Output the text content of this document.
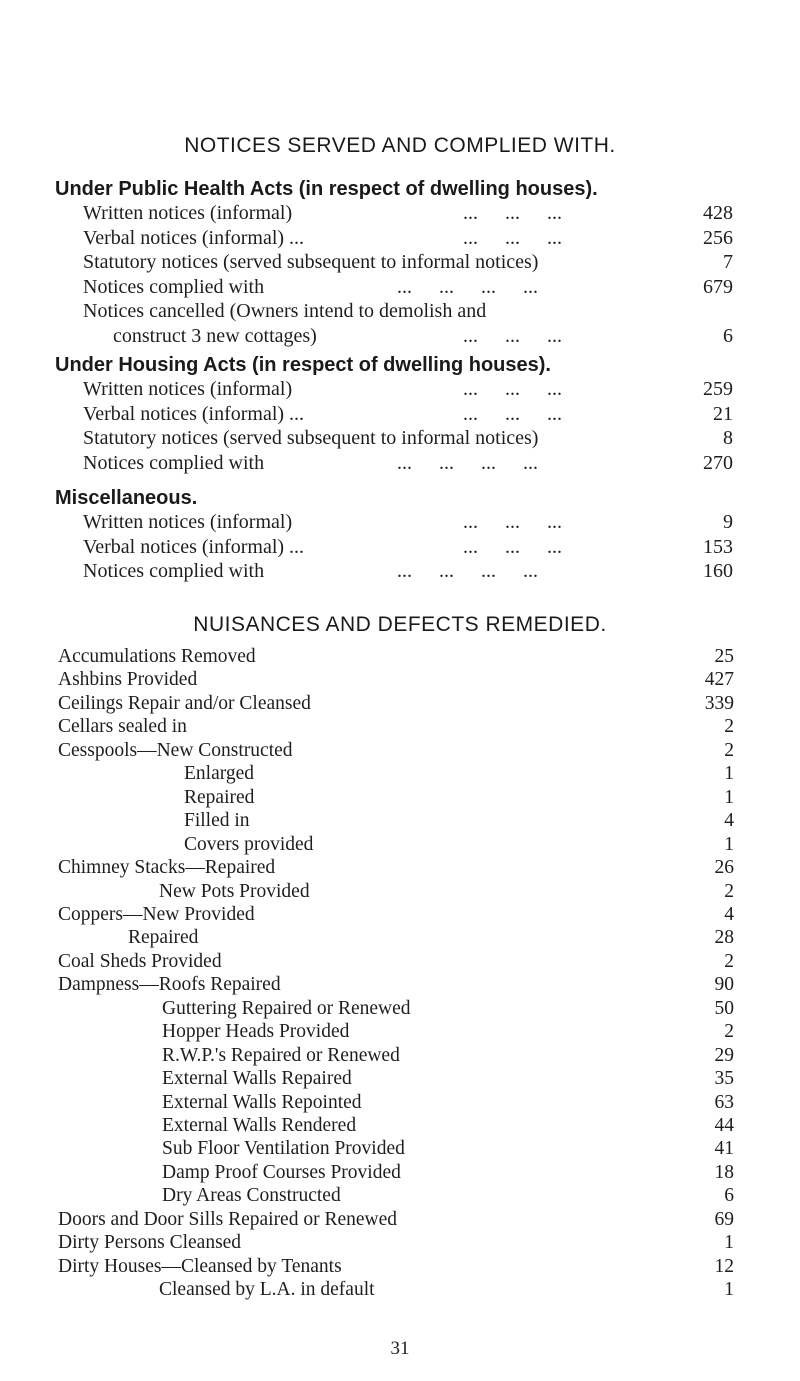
NOTICES SERVED AND COMPLIED WITH.
Under Public Health Acts (in respect of dwelling houses).
Written notices (informal)	... ... ...	428
Verbal notices (informal) ...	... ... ...	256
Statutory notices (served subsequent to informal notices)	7
Notices complied with	... ... ... ...	679
Notices cancelled (Owners intend to demolish and
construct 3 new cottages)	... ... ...	6
Under Housing Acts (in respect of dwelling houses).
Written notices (informal)	... ... ...	259
Verbal notices (informal) ...	... ... ...	21
Statutory notices (served subsequent to informal notices)	8
Notices complied with	... ... ... ...	270
Miscellaneous.
Written notices (informal)	... ... ...	9
Verbal notices (informal) ...	... ... ...	153
Notices complied with	... ... ... ...	160
NUISANCES AND DEFECTS REMEDIED.
Accumulations Removed	25
Ashbins Provided	427
Ceilings Repair and/or Cleansed	339
Cellars sealed in	2
Cesspools—New Constructed	2
Enlarged	1
Repaired	1
Filled in	4
Covers provided	1
Chimney Stacks—Repaired	26
New Pots Provided	2
Coppers—New Provided	4
Repaired	28
Coal Sheds Provided	2
Dampness—Roofs Repaired	90
Guttering Repaired or Renewed	50
Hopper Heads Provided	2
R.W.P.'s Repaired or Renewed	29
External Walls Repaired	35
External Walls Repointed	63
External Walls Rendered	44
Sub Floor Ventilation Provided	41
Damp Proof Courses Provided	18
Dry Areas Constructed	6
Doors and Door Sills Repaired or Renewed	69
Dirty Persons Cleansed	1
Dirty Houses—Cleansed by Tenants	12
Cleansed by L.A. in default	1
31
